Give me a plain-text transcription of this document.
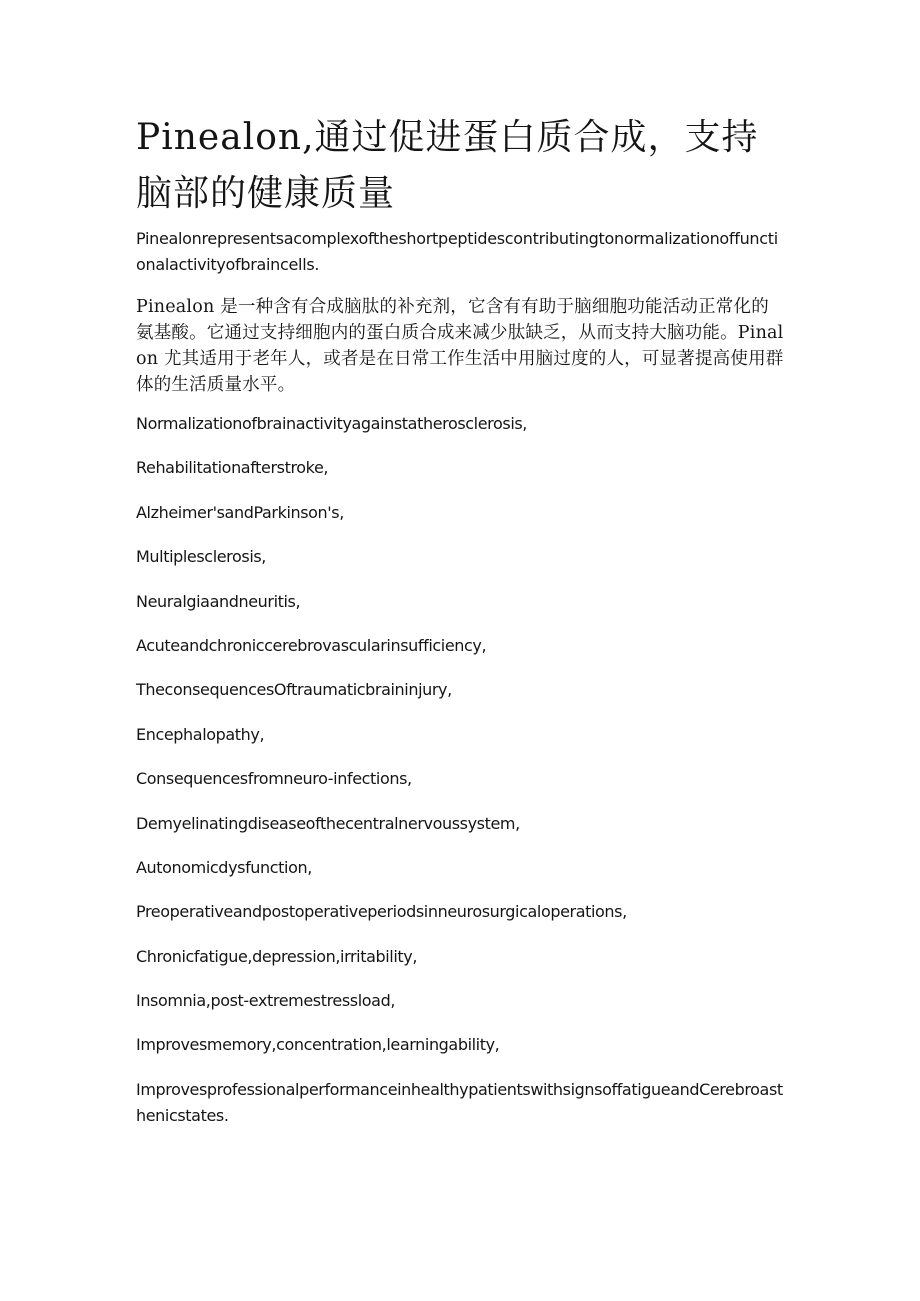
Pinealon,通过促进蛋白质合成，支持脑部的健康质量

Pinealonrepresentsacomplexoftheshortpeptidescontributingtonormalizationoffunctionalactivityofbraincells.

Pinealon 是一种含有合成脑肽的补充剂，它含有有助于脑细胞功能活动正常化的氨基酸。它通过支持细胞内的蛋白质合成来减少肽缺乏，从而支持大脑功能。Pinalon 尤其适用于老年人，或者是在日常工作生活中用脑过度的人，可显著提高使用群体的生活质量水平。

Normalizationofbrainactivityagainstatherosclerosis,
Rehabilitationafterstroke,
Alzheimer'sandParkinson's,
Multiplesclerosis,
Neuralgiaandneuritis,
Acuteandchroniccerebrovascularinsufficiency,
TheconsequencesOftraumaticbraininjury,
Encephalopathy,
Consequencesfromneuro-infections,
Demyelinatingdiseaseofthecentralnervoussystem,
Autonomicdysfunction,
Preoperativeandpostoperativeperiodsinneurosurgicaloperations,
Chronicfatigue,depression,irritability,
Insomnia,post-extremestressload,
Improvesmemory,concentration,learningability,

ImprovesprofessionalperformanceinhealthypatientswithsignsoffatigueandCerebroasthenicstates.
